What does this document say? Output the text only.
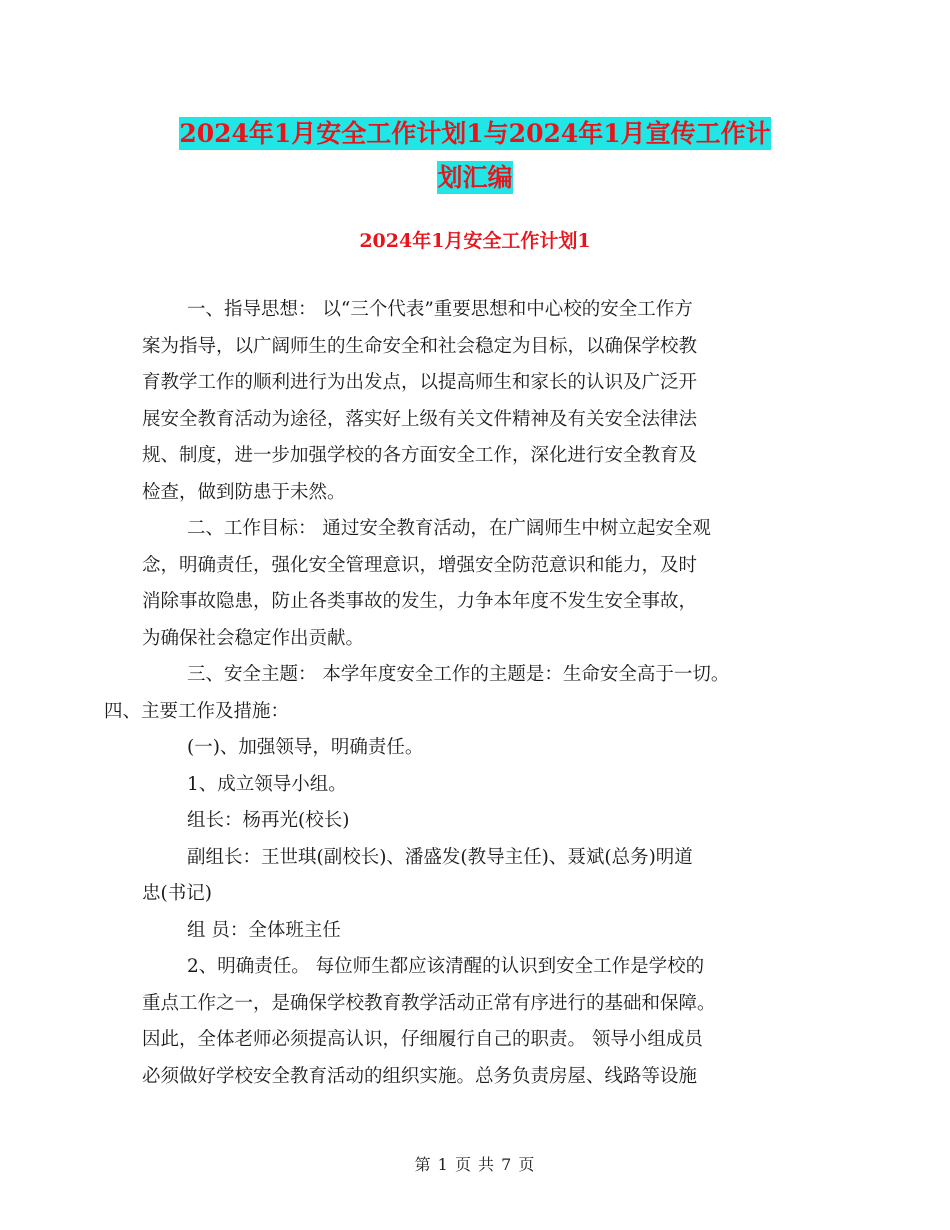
2024年1月安全工作计划1与2024年1月宣传工作计
划汇编
2024年1月安全工作计划1
一、指导思想： 以“三个代表”重要思想和中心校的安全工作方
案为指导，以广阔师生的生命安全和社会稳定为目标，以确保学校教
育教学工作的顺利进行为出发点，以提高师生和家长的认识及广泛开
展安全教育活动为途径，落实好上级有关文件精神及有关安全法律法
规、制度，进一步加强学校的各方面安全工作，深化进行安全教育及
检查，做到防患于未然。
二、工作目标： 通过安全教育活动，在广阔师生中树立起安全观
念，明确责任，强化安全管理意识，增强安全防范意识和能力，及时
消除事故隐患，防止各类事故的发生，力争本年度不发生安全事故，
为确保社会稳定作出贡献。
三、安全主题： 本学年度安全工作的主题是：生命安全高于一切。
四、主要工作及措施：
(一)、加强领导，明确责任。
1、成立领导小组。
组长：杨再光(校长)
副组长：王世琪(副校长)、潘盛发(教导主任)、聂斌(总务)明道
忠(书记)
组 员：全体班主任
2、明确责任。 每位师生都应该清醒的认识到安全工作是学校的
重点工作之一，是确保学校教育教学活动正常有序进行的基础和保障。
因此，全体老师必须提高认识，仔细履行自己的职责。 领导小组成员
必须做好学校安全教育活动的组织实施。总务负责房屋、线路等设施
第 1 页 共 7 页
